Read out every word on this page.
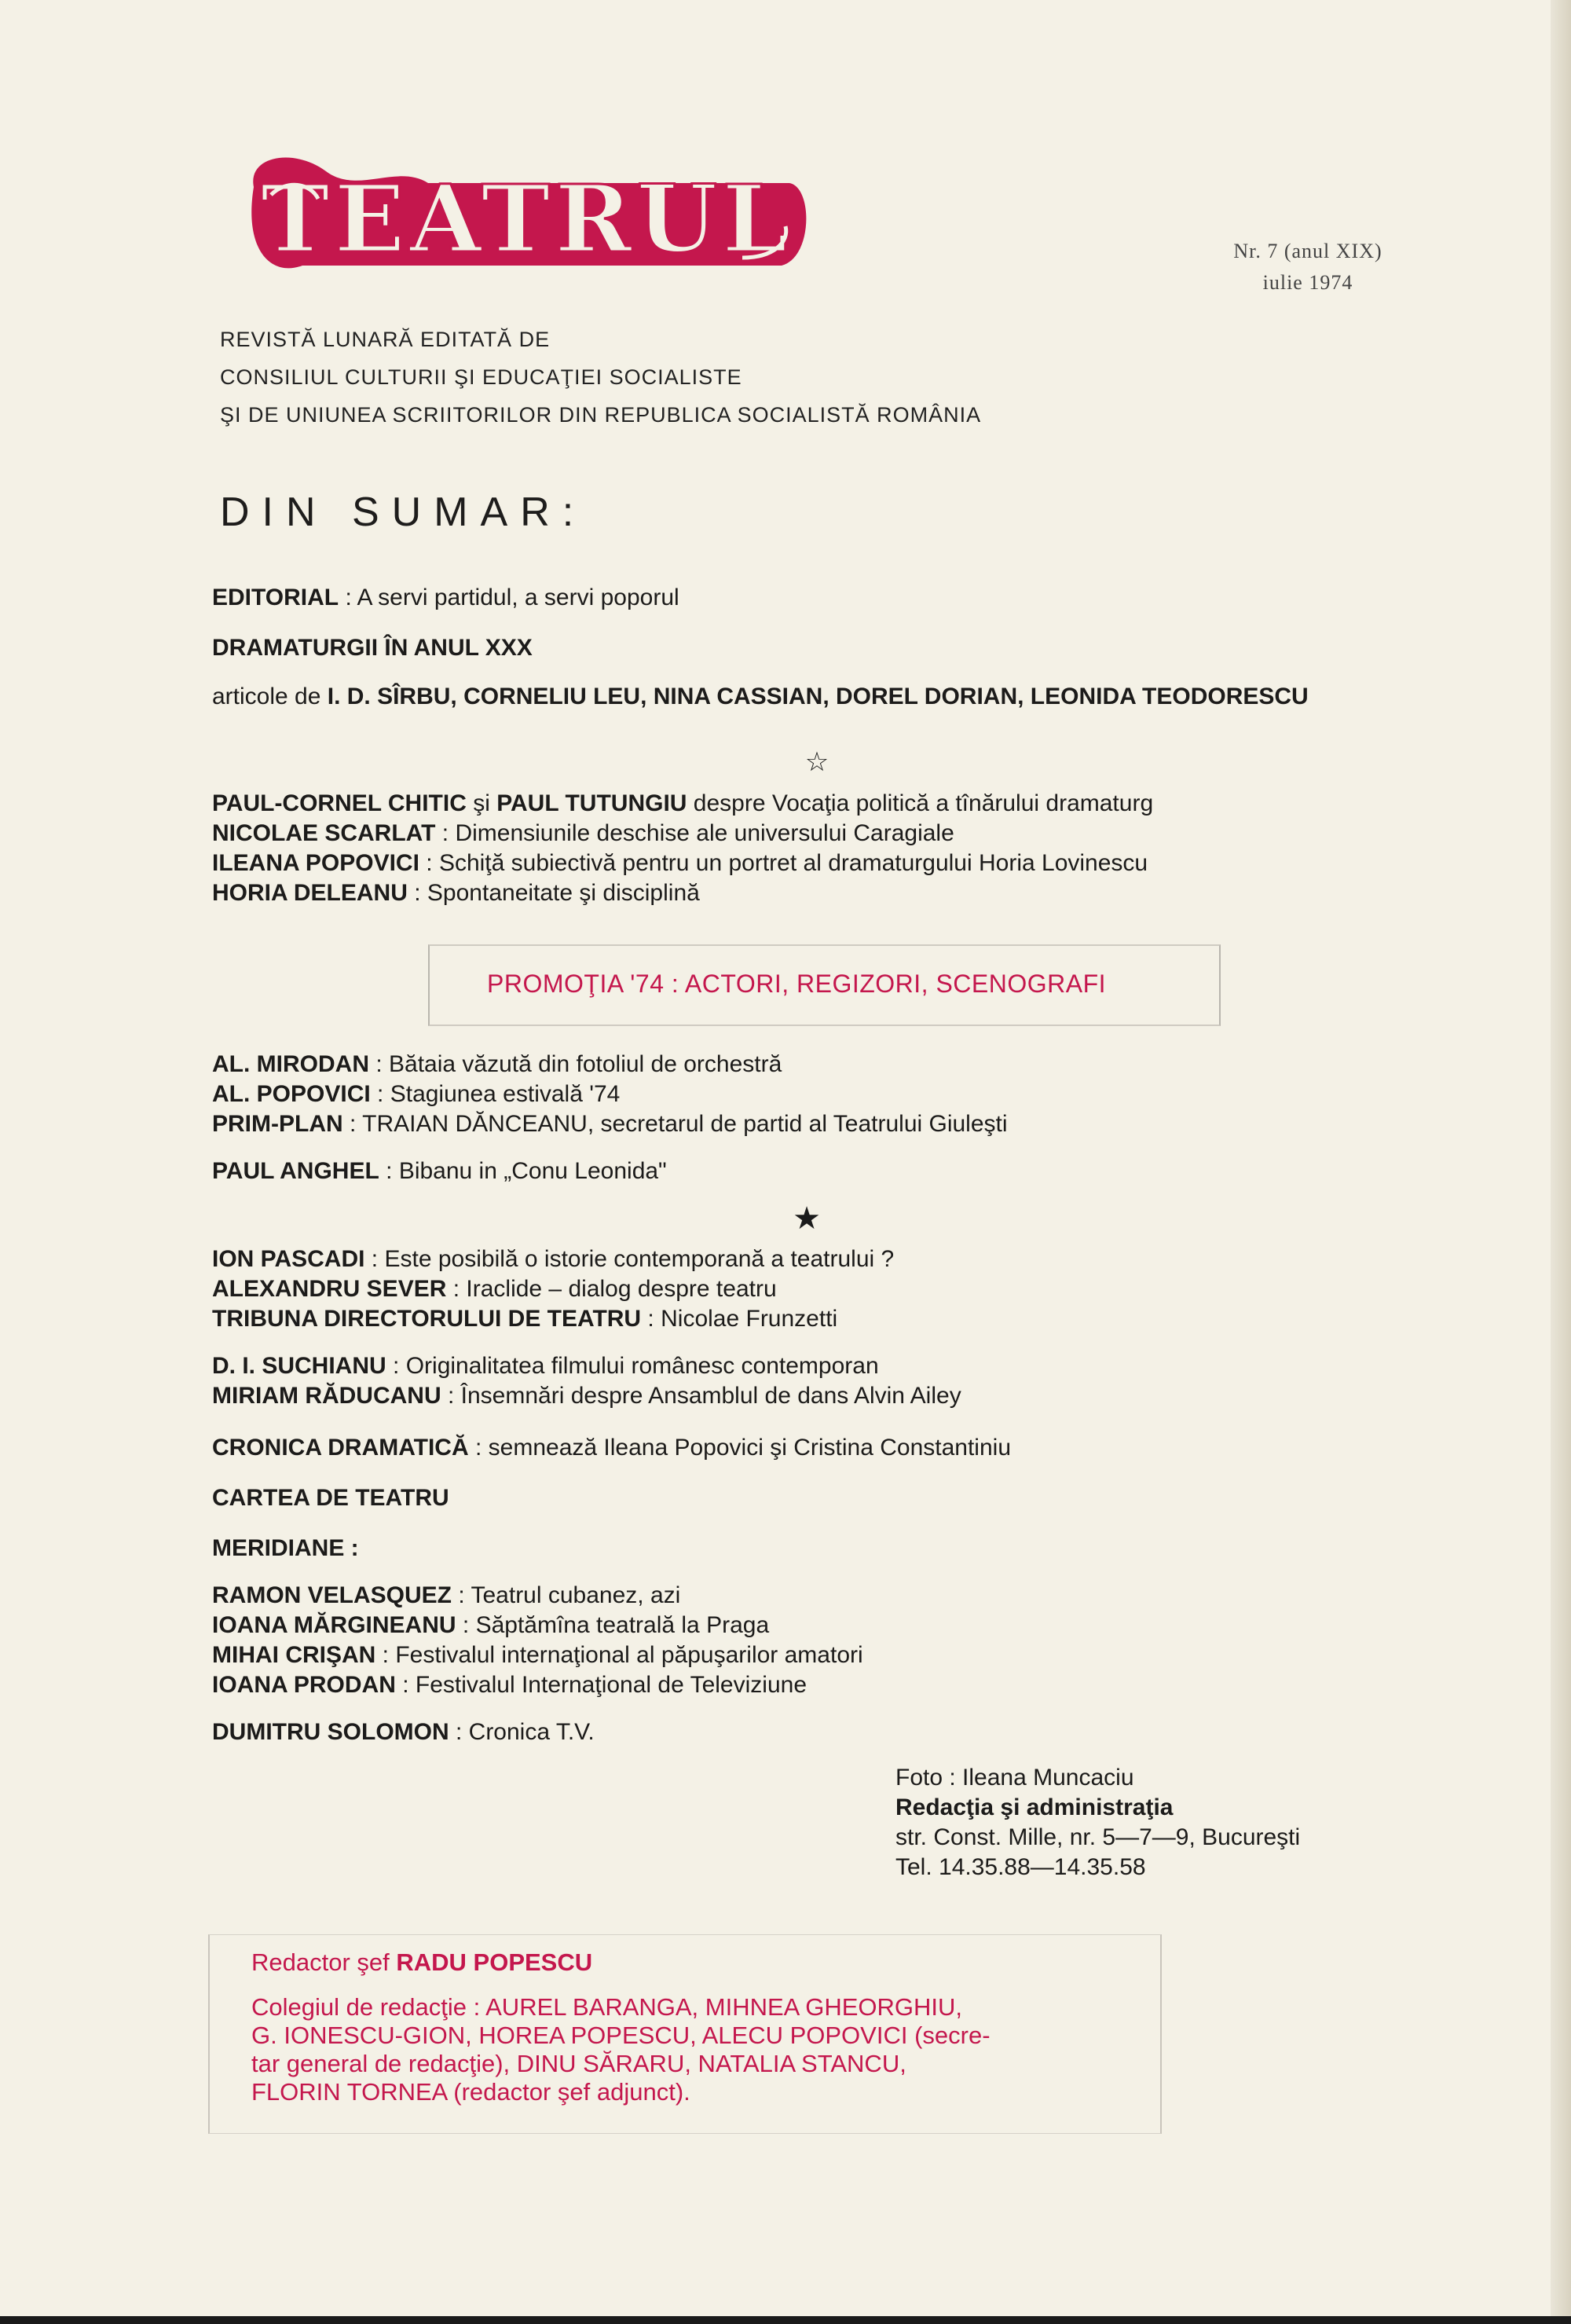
TEATRUL	Nr. 7 (anul XIX)
iulie 1974
REVISTĂ LUNARĂ EDITATĂ DE
CONSILIUL CULTURII ŞI EDUCAŢIEI SOCIALISTE
ŞI DE UNIUNEA SCRIITORILOR DIN REPUBLICA SOCIALISTĂ ROMÂNIA
DIN SUMAR:
EDITORIAL : A servi partidul, a servi poporul
DRAMATURGII ÎN ANUL XXX
articole de I. D. SÎRBU, CORNELIU LEU, NINA CASSIAN, DOREL DORIAN, LEONIDA TEODORESCU
☆
PAUL-CORNEL CHITIC şi PAUL TUTUNGIU despre Vocaţia politică a tînărului dramaturg
NICOLAE SCARLAT : Dimensiunile deschise ale universului Caragiale
ILEANA POPOVICI : Schiţă subiectivă pentru un portret al dramaturgului Horia Lovinescu
HORIA DELEANU : Spontaneitate şi disciplină
PROMOŢIA '74 : ACTORI, REGIZORI, SCENOGRAFI
AL. MIRODAN : Bătaia văzută din fotoliul de orchestră
AL. POPOVICI : Stagiunea estivală '74
PRIM-PLAN : TRAIAN DĂNCEANU, secretarul de partid al Teatrului Giuleşti
PAUL ANGHEL : Bibanu in „Conu Leonida"
★
ION PASCADI : Este posibilă o istorie contemporană a teatrului ?
ALEXANDRU SEVER : Iraclide – dialog despre teatru
TRIBUNA DIRECTORULUI DE TEATRU : Nicolae Frunzetti
D. I. SUCHIANU : Originalitatea filmului românesc contemporan
MIRIAM RĂDUCANU : Însemnări despre Ansamblul de dans Alvin Ailey
CRONICA DRAMATICĂ : semnează Ileana Popovici şi Cristina Constantiniu
CARTEA DE TEATRU
MERIDIANE :
RAMON VELASQUEZ : Teatrul cubanez, azi
IOANA MĂRGINEANU : Săptămîna teatrală la Praga
MIHAI CRIŞAN : Festivalul internaţional al păpuşarilor amatori
IOANA PRODAN : Festivalul Internaţional de Televiziune
DUMITRU SOLOMON : Cronica T.V.
Foto : Ileana Muncaciu
Redacţia şi administraţia
str. Const. Mille, nr. 5—7—9, Bucureşti
Tel. 14.35.88—14.35.58
Redactor şef RADU POPESCU
Colegiul de redacţie : AUREL BARANGA, MIHNEA GHEORGHIU,
G. IONESCU-GION, HOREA POPESCU, ALECU POPOVICI (secre-
tar general de redacţie), DINU SĂRARU, NATALIA STANCU,
FLORIN TORNEA (redactor şef adjunct).
